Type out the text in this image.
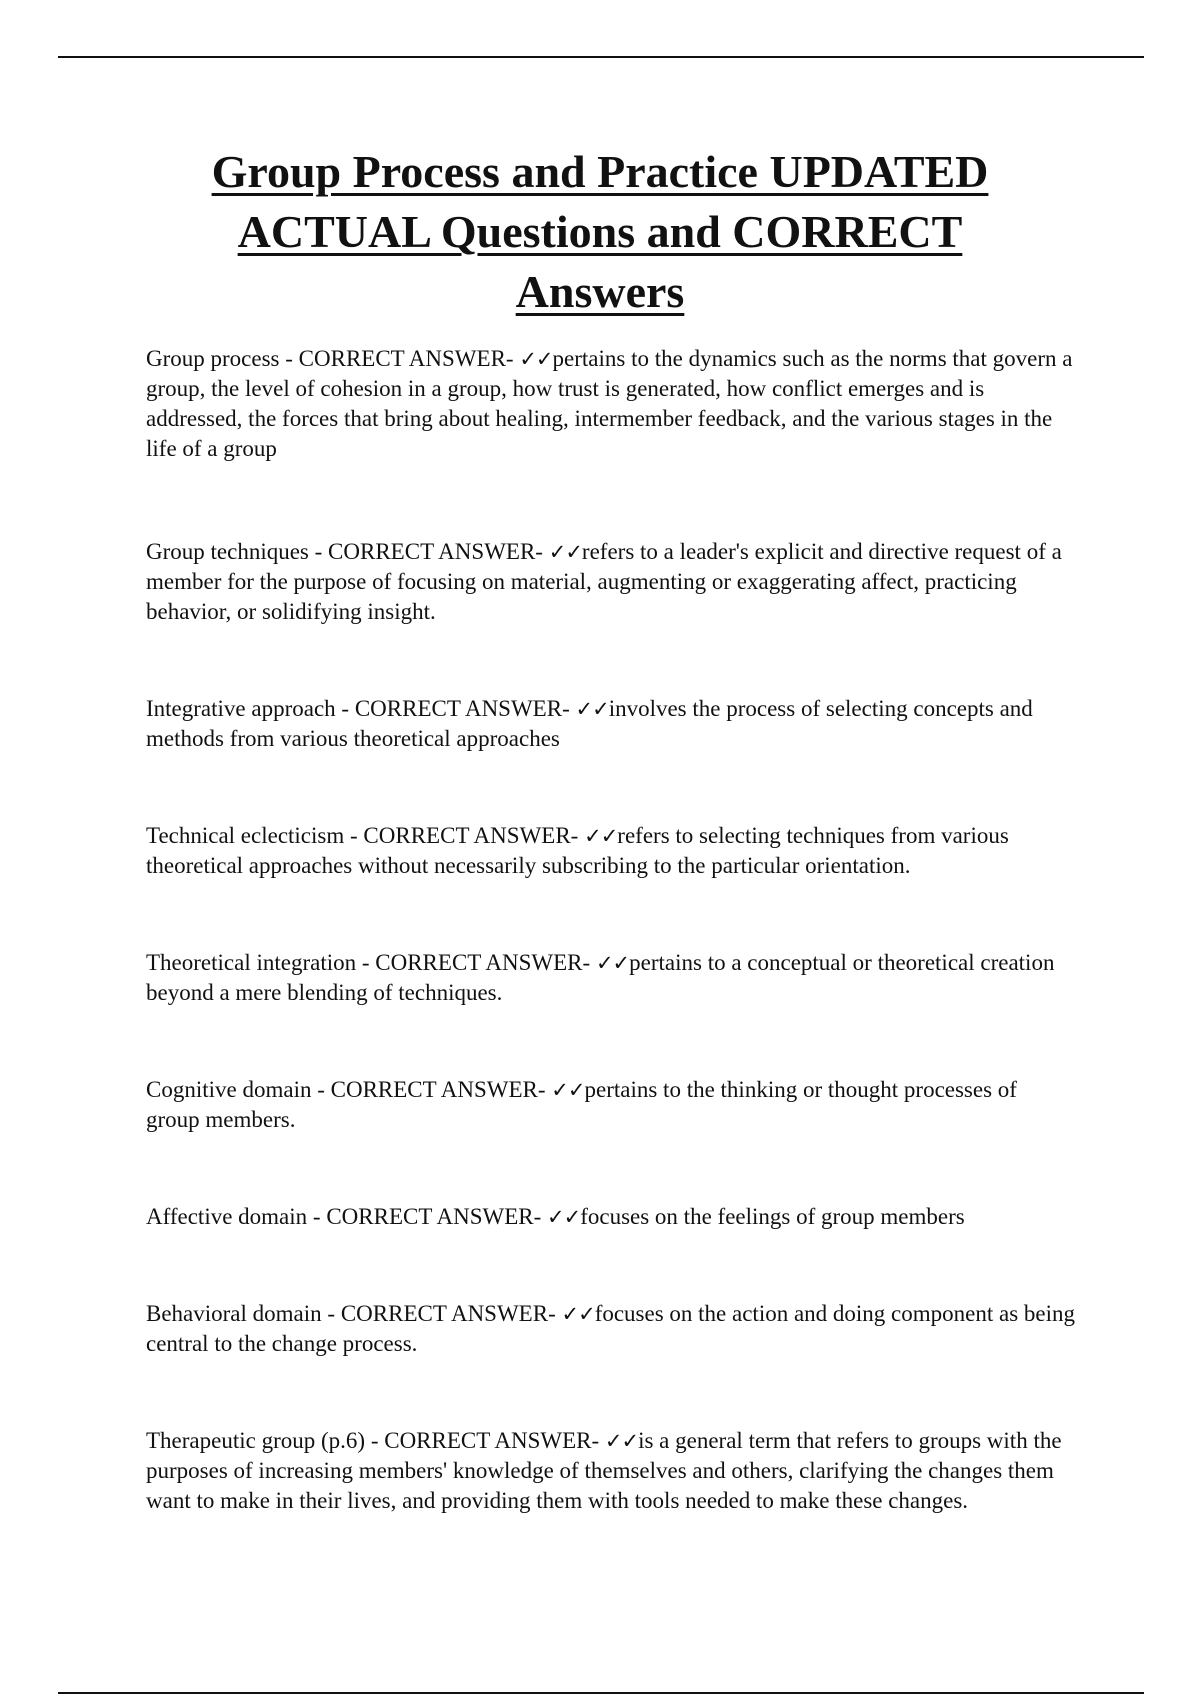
Group Process and Practice UPDATED ACTUAL Questions and CORRECT Answers

Group process - CORRECT ANSWER- ✓✓pertains to the dynamics such as the norms that govern a group, the level of cohesion in a group, how trust is generated, how conflict emerges and is addressed, the forces that bring about healing, intermember feedback, and the various stages in the life of a group

Group techniques - CORRECT ANSWER- ✓✓refers to a leader's explicit and directive request of a member for the purpose of focusing on material, augmenting or exaggerating affect, practicing behavior, or solidifying insight.

Integrative approach - CORRECT ANSWER- ✓✓involves the process of selecting concepts and methods from various theoretical approaches

Technical eclecticism - CORRECT ANSWER- ✓✓refers to selecting techniques from various theoretical approaches without necessarily subscribing to the particular orientation.

Theoretical integration - CORRECT ANSWER- ✓✓pertains to a conceptual or theoretical creation beyond a mere blending of techniques.

Cognitive domain - CORRECT ANSWER- ✓✓pertains to the thinking or thought processes of group members.

Affective domain - CORRECT ANSWER- ✓✓focuses on the feelings of group members

Behavioral domain - CORRECT ANSWER- ✓✓focuses on the action and doing component as being central to the change process.

Therapeutic group (p.6) - CORRECT ANSWER- ✓✓is a general term that refers to groups with the purposes of increasing members' knowledge of themselves and others, clarifying the changes them want to make in their lives, and providing them with tools needed to make these changes.
